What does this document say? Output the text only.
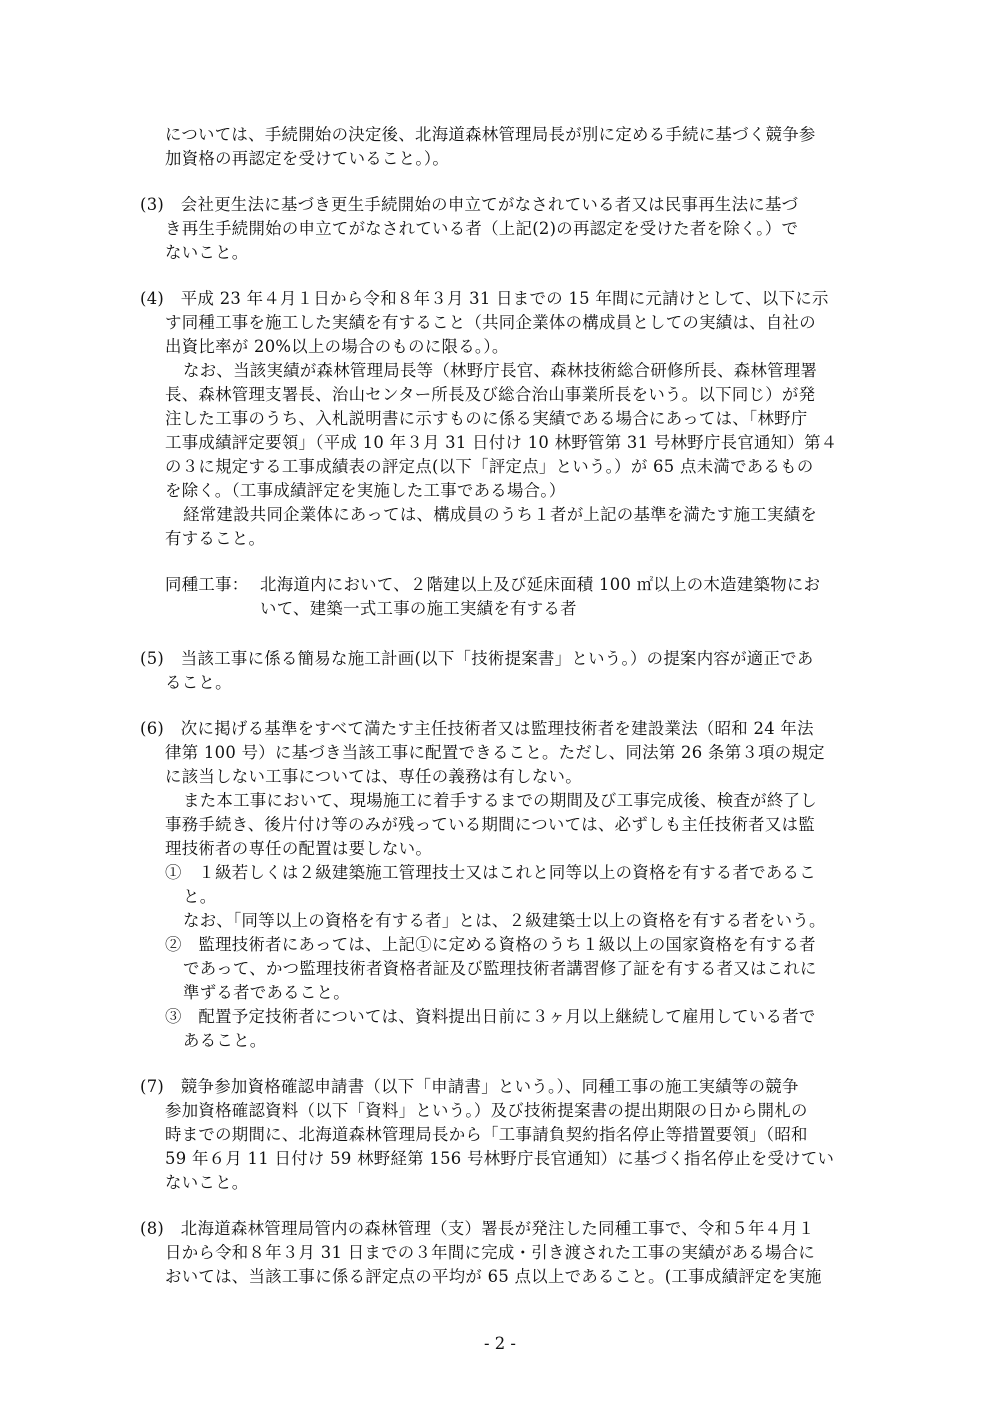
については、手続開始の決定後、北海道森林管理局長が別に定める手続に基づく競争参
加資格の再認定を受けていること。）。
(3)　会社更生法に基づき更生手続開始の申立てがなされている者又は民事再生法に基づ
き再生手続開始の申立てがなされている者（上記(2)の再認定を受けた者を除く。）で
ないこと。
(4)　平成 23 年４月１日から令和８年３月 31 日までの 15 年間に元請けとして、以下に示
す同種工事を施工した実績を有すること（共同企業体の構成員としての実績は、自社の
出資比率が 20%以上の場合のものに限る。）。
なお、当該実績が森林管理局長等（林野庁長官、森林技術総合研修所長、森林管理署
長、森林管理支署長、治山センター所長及び総合治山事業所長をいう。以下同じ）が発
注した工事のうち、入札説明書に示すものに係る実績である場合にあっては、「林野庁
工事成績評定要領」（平成 10 年３月 31 日付け 10 林野管第 31 号林野庁長官通知）第４
の３に規定する工事成績表の評定点(以下「評定点」という。）が 65 点未満であるもの
を除く。（工事成績評定を実施した工事である場合。）
経常建設共同企業体にあっては、構成員のうち１者が上記の基準を満たす施工実績を
有すること。
同種工事： 北海道内において、２階建以上及び延床面積 100 ㎡以上の木造建築物にお
いて、建築一式工事の施工実績を有する者
(5)　当該工事に係る簡易な施工計画(以下「技術提案書」という。）の提案内容が適正であ
ること。
(6)　次に掲げる基準をすべて満たす主任技術者又は監理技術者を建設業法（昭和 24 年法
律第 100 号）に基づき当該工事に配置できること。ただし、同法第 26 条第３項の規定
に該当しない工事については、専任の義務は有しない。
また本工事において、現場施工に着手するまでの期間及び工事完成後、検査が終了し
事務手続き、後片付け等のみが残っている期間については、必ずしも主任技術者又は監
理技術者の専任の配置は要しない。
①　１級若しくは２級建築施工管理技士又はこれと同等以上の資格を有する者であるこ
と。
なお、「同等以上の資格を有する者」とは、２級建築士以上の資格を有する者をいう。
②　監理技術者にあっては、上記①に定める資格のうち１級以上の国家資格を有する者
であって、かつ監理技術者資格者証及び監理技術者講習修了証を有する者又はこれに
準ずる者であること。
③　配置予定技術者については、資料提出日前に３ヶ月以上継続して雇用している者で
あること。
(7)　競争参加資格確認申請書（以下「申請書」という。）、同種工事の施工実績等の競争
参加資格確認資料（以下「資料」という。）及び技術提案書の提出期限の日から開札の
時までの期間に、北海道森林管理局長から「工事請負契約指名停止等措置要領」（昭和
59 年６月 11 日付け 59 林野経第 156 号林野庁長官通知）に基づく指名停止を受けてい
ないこと。
(8)　北海道森林管理局管内の森林管理（支）署長が発注した同種工事で、令和５年４月１
日から令和８年３月 31 日までの３年間に完成・引き渡された工事の実績がある場合に
おいては、当該工事に係る評定点の平均が 65 点以上であること。(工事成績評定を実施
- 2 -
